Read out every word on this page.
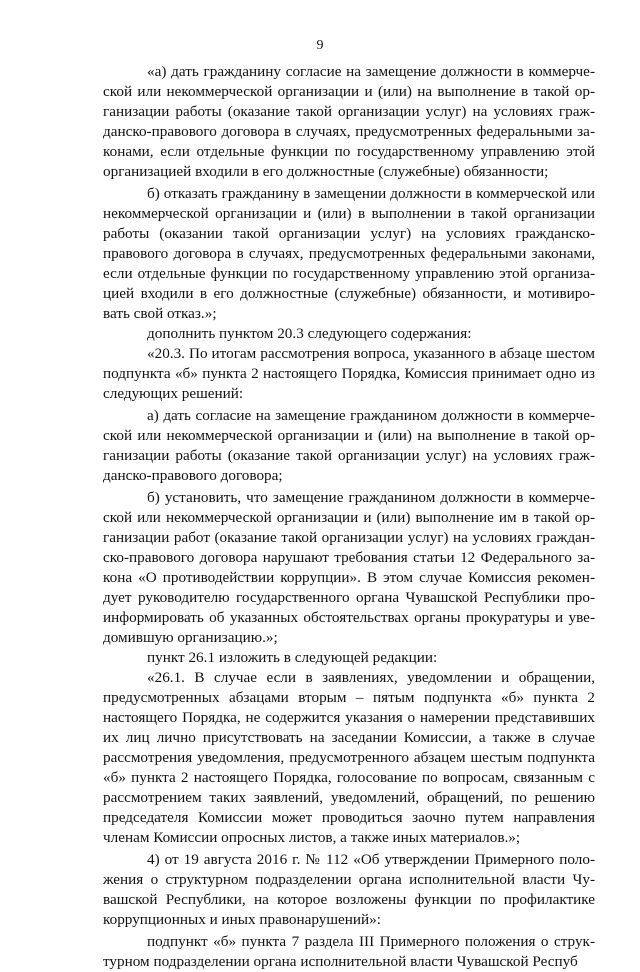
9

«а) дать гражданину согласие на замещение должности в коммерческой или некоммерческой организации и (или) на выполнение в такой организации работы (оказание такой организации услуг) на условиях гражданско-правового договора в случаях, предусмотренных федеральными законами, если отдельные функции по государственному управлению этой организацией входили в его должностные (служебные) обязанности;

б) отказать гражданину в замещении должности в коммерческой или некоммерческой организации и (или) в выполнении в такой организации работы (оказании такой организации услуг) на условиях гражданско-правового договора в случаях, предусмотренных федеральными законами, если отдельные функции по государственному управлению этой организацией входили в его должностные (служебные) обязанности, и мотивировать свой отказ.»;

дополнить пунктом 20.3 следующего содержания:

«20.3. По итогам рассмотрения вопроса, указанного в абзаце шестом подпункта «б» пункта 2 настоящего Порядка, Комиссия принимает одно из следующих решений:

а) дать согласие на замещение гражданином должности в коммерческой или некоммерческой организации и (или) на выполнение в такой организации работы (оказание такой организации услуг) на условиях гражданско-правового договора;

б) установить, что замещение гражданином должности в коммерческой или некоммерческой организации и (или) выполнение им в такой организации работ (оказание такой организации услуг) на условиях гражданско-правового договора нарушают требования статьи 12 Федерального закона «О противодействии коррупции». В этом случае Комиссия рекомендует руководителю государственного органа Чувашской Республики проинформировать об указанных обстоятельствах органы прокуратуры и уведомившую организацию.»;

пункт 26.1 изложить в следующей редакции:

«26.1. В случае если в заявлениях, уведомлении и обращении, предусмотренных абзацами вторым – пятым подпункта «б» пункта 2 настоящего Порядка, не содержится указания о намерении представивших их лиц лично присутствовать на заседании Комиссии, а также в случае рассмотрения уведомления, предусмотренного абзацем шестым подпункта «б» пункта 2 настоящего Порядка, голосование по вопросам, связанным с рассмотрением таких заявлений, уведомлений, обращений, по решению председателя Комиссии может проводиться заочно путем направления членам Комиссии опросных листов, а также иных материалов.»;

4) от 19 августа 2016 г. № 112 «Об утверждении Примерного положения о структурном подразделении органа исполнительной власти Чувашской Республики, на которое возложены функции по профилактике коррупционных и иных правонарушений»:

подпункт «б» пункта 7 раздела III Примерного положения о структурном подразделении органа исполнительной власти Чувашской Респуб
